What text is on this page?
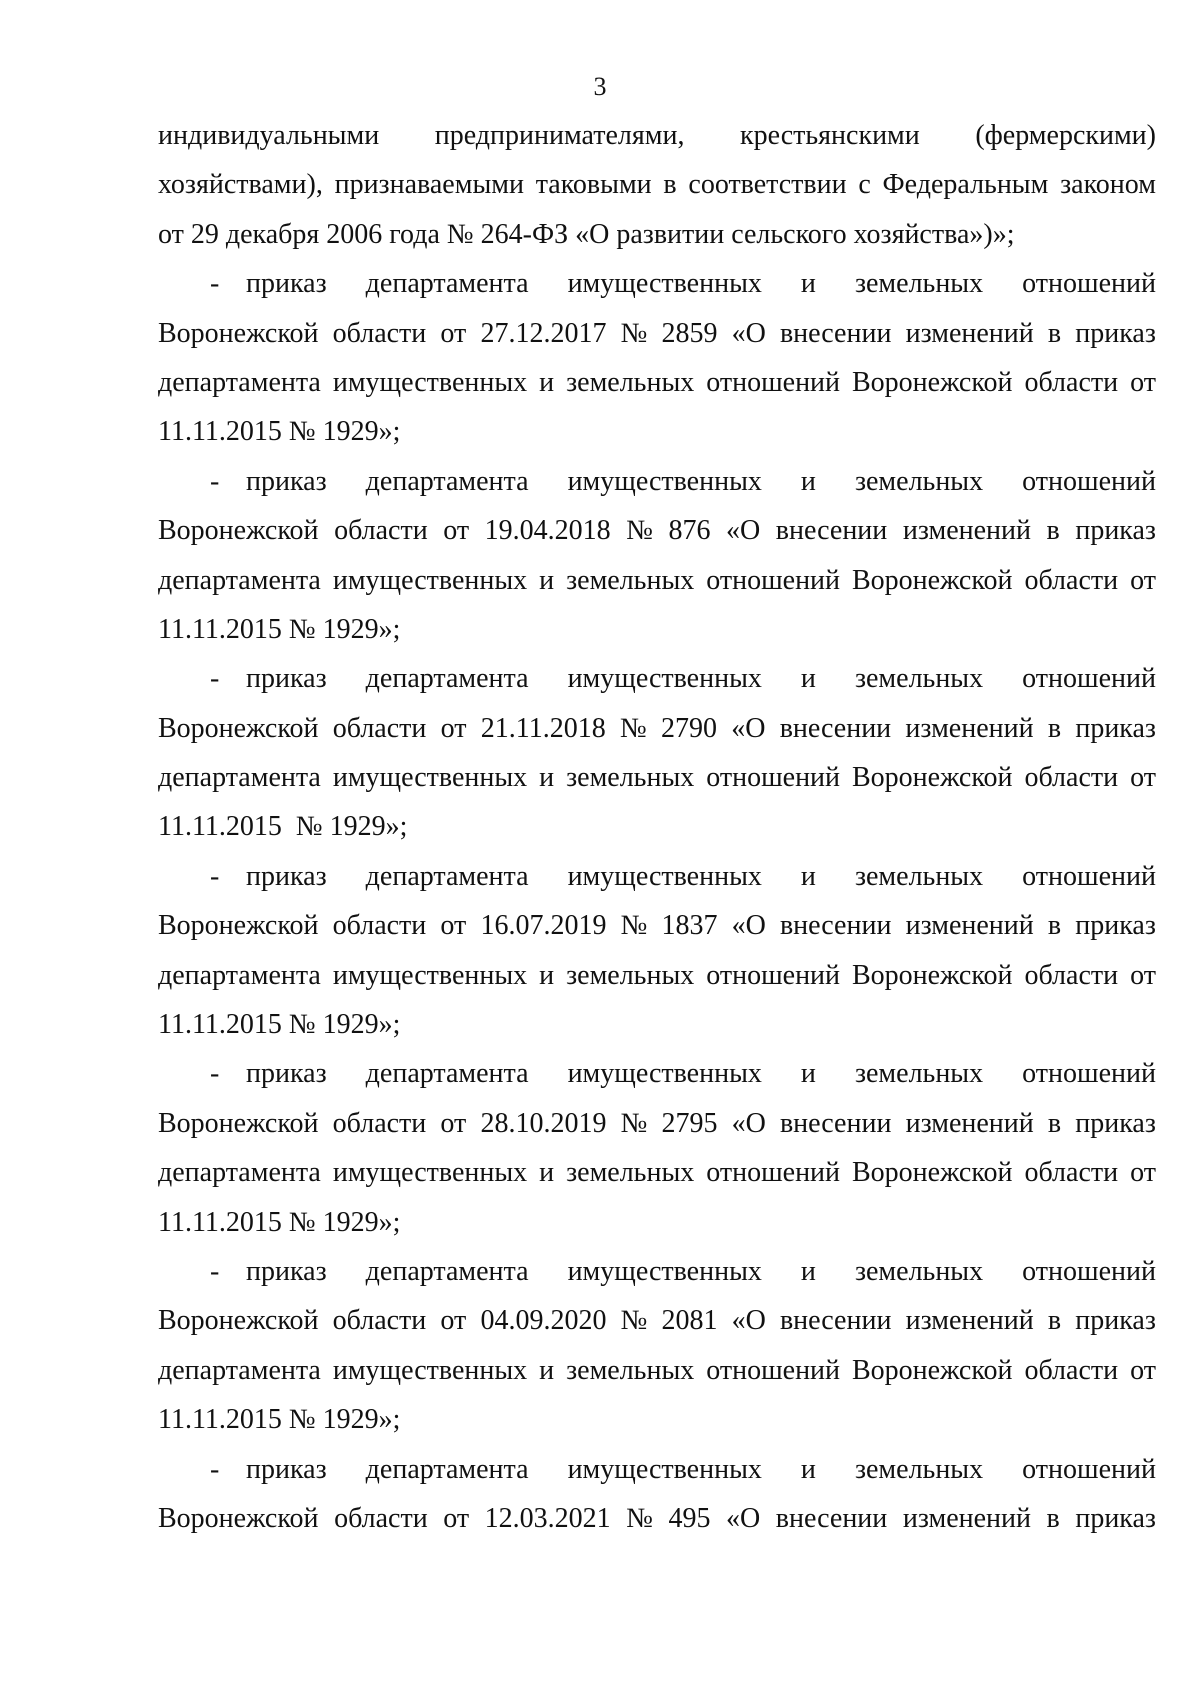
3
индивидуальными предпринимателями, крестьянскими (фермерскими)
хозяйствами), признаваемыми таковыми в соответствии с Федеральным законом
от 29 декабря 2006 года № 264-ФЗ «О развитии сельского хозяйства»)»;
- приказ департамента имущественных и земельных отношений
Воронежской области от 27.12.2017 № 2859 «О внесении изменений в приказ
департамента имущественных и земельных отношений Воронежской области от
11.11.2015 № 1929»;
- приказ департамента имущественных и земельных отношений
Воронежской области от 19.04.2018 № 876 «О внесении изменений в приказ
департамента имущественных и земельных отношений Воронежской области от
11.11.2015 № 1929»;
- приказ департамента имущественных и земельных отношений
Воронежской области от 21.11.2018 № 2790 «О внесении изменений в приказ
департамента имущественных и земельных отношений Воронежской области от
11.11.2015  № 1929»;
- приказ департамента имущественных и земельных отношений
Воронежской области от 16.07.2019 № 1837 «О внесении изменений в приказ
департамента имущественных и земельных отношений Воронежской области от
11.11.2015 № 1929»;
- приказ департамента имущественных и земельных отношений
Воронежской области от 28.10.2019 № 2795 «О внесении изменений в приказ
департамента имущественных и земельных отношений Воронежской области от
11.11.2015 № 1929»;
- приказ департамента имущественных и земельных отношений
Воронежской области от 04.09.2020 № 2081 «О внесении изменений в приказ
департамента имущественных и земельных отношений Воронежской области от
11.11.2015 № 1929»;
- приказ департамента имущественных и земельных отношений
Воронежской области от 12.03.2021 № 495 «О внесении изменений в приказ
